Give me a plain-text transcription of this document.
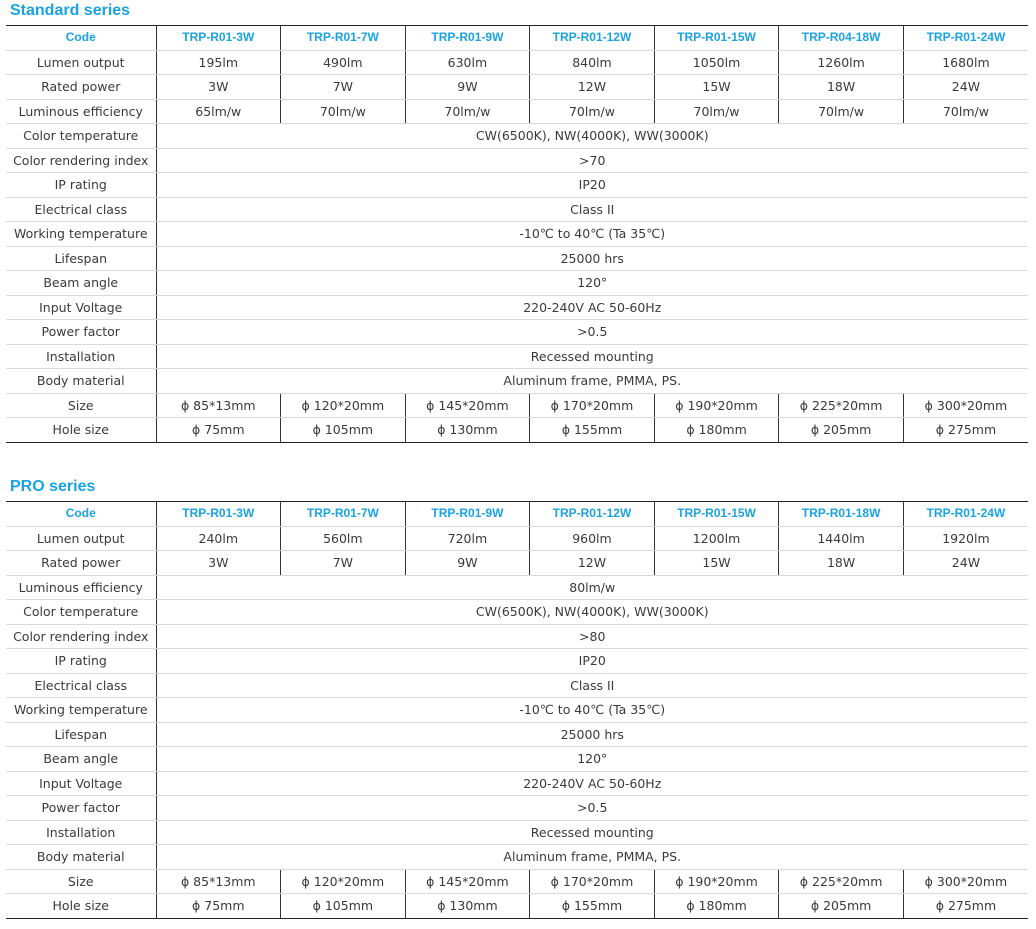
Standard series
Code	TRP-R01-3W	TRP-R01-7W	TRP-R01-9W	TRP-R01-12W	TRP-R01-15W	TRP-R04-18W	TRP-R01-24W
Lumen output	195lm	490lm	630lm	840lm	1050lm	1260lm	1680lm
Rated power	3W	7W	9W	12W	15W	18W	24W
Luminous efficiency	65lm/w	70lm/w	70lm/w	70lm/w	70lm/w	70lm/w	70lm/w
Color temperature	CW(6500K), NW(4000K), WW(3000K)						
Color rendering index	>70						
IP rating	IP20						
Electrical class	Class II						
Working temperature	-10℃ to 40℃ (Ta 35℃)						
Lifespan	25000 hrs						
Beam angle	120°						
Input Voltage	220-240V AC 50-60Hz						
Power factor	>0.5						
Installation	Recessed mounting						
Body material	Aluminum frame, PMMA, PS.						
Size	ϕ 85*13mm	ϕ 120*20mm	ϕ 145*20mm	ϕ 170*20mm	ϕ 190*20mm	ϕ 225*20mm	ϕ 300*20mm
Hole size	ϕ 75mm	ϕ 105mm	ϕ 130mm	ϕ 155mm	ϕ 180mm	ϕ 205mm	ϕ 275mm
PRO series
Code	TRP-R01-3W	TRP-R01-7W	TRP-R01-9W	TRP-R01-12W	TRP-R01-15W	TRP-R01-18W	TRP-R01-24W
Lumen output	240lm	560lm	720lm	960lm	1200lm	1440lm	1920lm
Rated power	3W	7W	9W	12W	15W	18W	24W
Luminous efficiency	80lm/w						
Color temperature	CW(6500K), NW(4000K), WW(3000K)						
Color rendering index	>80						
IP rating	IP20						
Electrical class	Class II						
Working temperature	-10℃ to 40℃ (Ta 35℃)						
Lifespan	25000 hrs						
Beam angle	120°						
Input Voltage	220-240V AC 50-60Hz						
Power factor	>0.5						
Installation	Recessed mounting						
Body material	Aluminum frame, PMMA, PS.						
Size	ϕ 85*13mm	ϕ 120*20mm	ϕ 145*20mm	ϕ 170*20mm	ϕ 190*20mm	ϕ 225*20mm	ϕ 300*20mm
Hole size	ϕ 75mm	ϕ 105mm	ϕ 130mm	ϕ 155mm	ϕ 180mm	ϕ 205mm	ϕ 275mm
